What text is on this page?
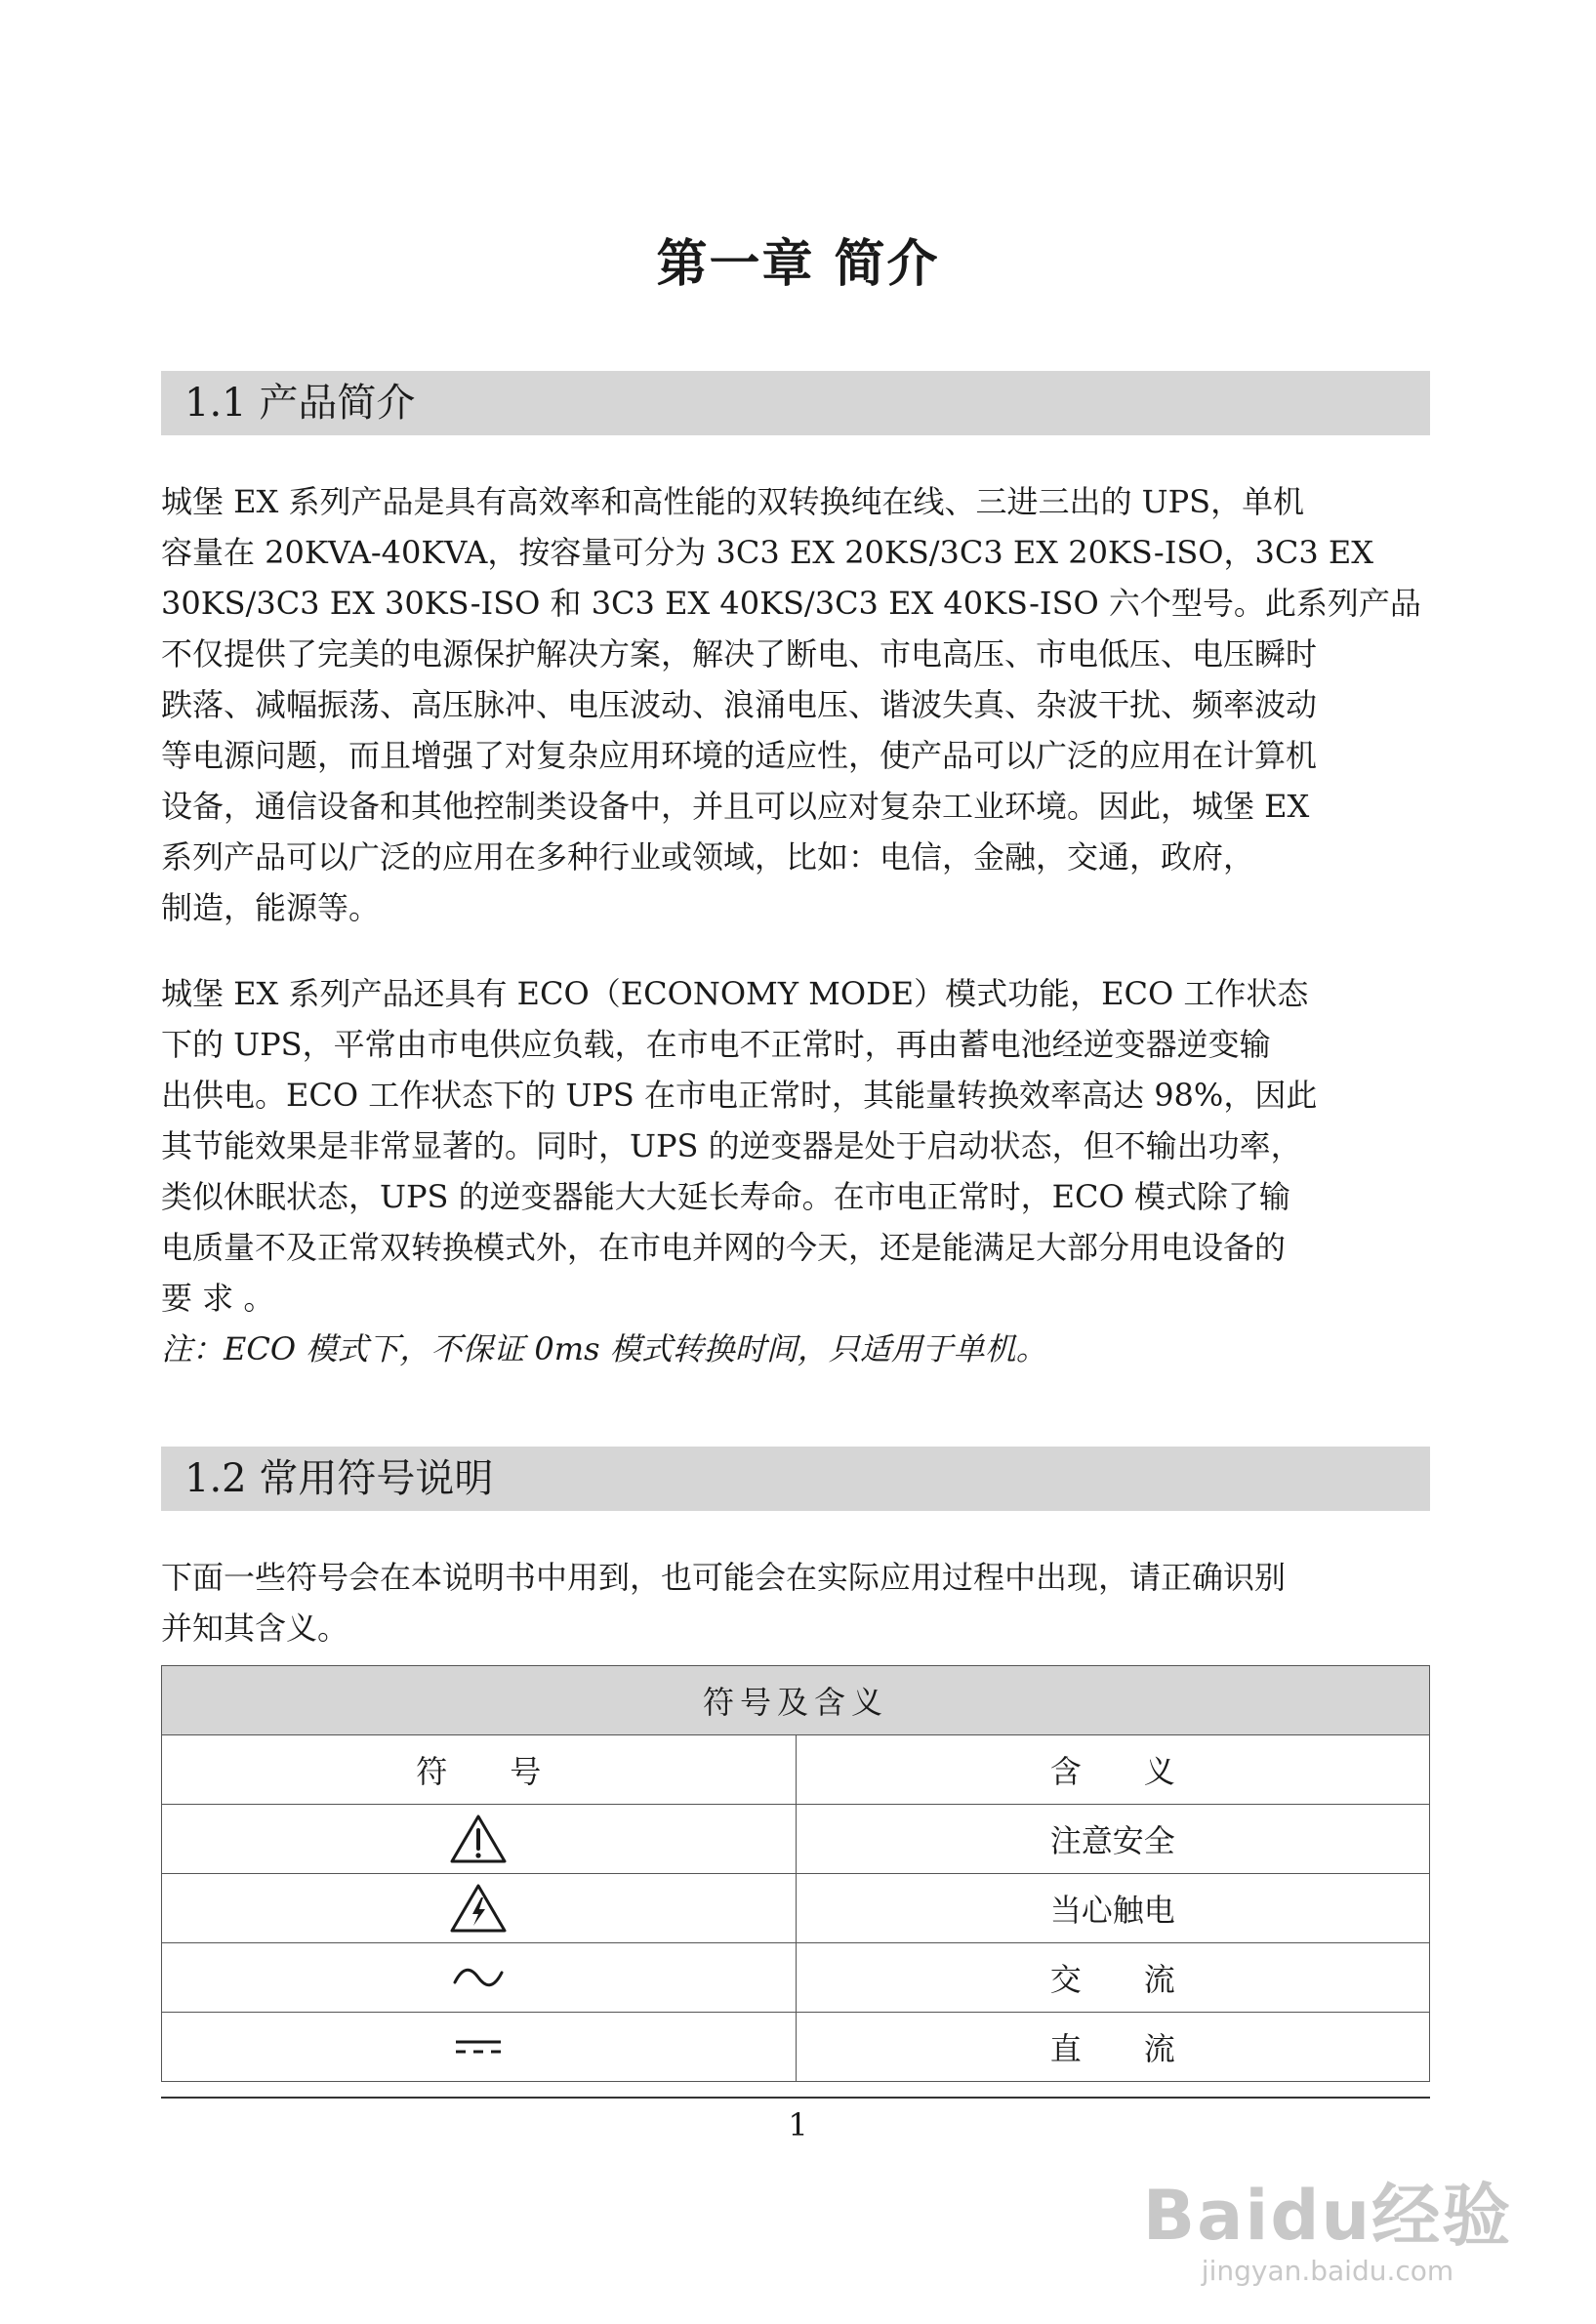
第一章 简介
1.1 产品简介
城堡 EX 系列产品是具有高效率和高性能的双转换纯在线、三进三出的 UPS，单机
容量在 20KVA-40KVA，按容量可分为 3C3 EX 20KS/3C3 EX 20KS-ISO，3C3 EX
30KS/3C3 EX 30KS-ISO 和 3C3 EX 40KS/3C3 EX 40KS-ISO 六个型号。此系列产品
不仅提供了完美的电源保护解决方案，解决了断电、市电高压、市电低压、电压瞬时
跌落、减幅振荡、高压脉冲、电压波动、浪涌电压、谐波失真、杂波干扰、频率波动
等电源问题，而且增强了对复杂应用环境的适应性，使产品可以广泛的应用在计算机
设备，通信设备和其他控制类设备中，并且可以应对复杂工业环境。因此，城堡 EX
系列产品可以广泛的应用在多种行业或领域，比如：电信，金融，交通，政府，
制造，能源等。
城堡 EX 系列产品还具有 ECO（ECONOMY MODE）模式功能，ECO 工作状态
下的 UPS，平常由市电供应负载，在市电不正常时，再由蓄电池经逆变器逆变输
出供电。ECO 工作状态下的 UPS 在市电正常时，其能量转换效率高达 98%，因此
其节能效果是非常显著的。同时，UPS 的逆变器是处于启动状态，但不输出功率，
类似休眠状态，UPS 的逆变器能大大延长寿命。在市电正常时，ECO 模式除了输
电质量不及正常双转换模式外，在市电并网的今天，还是能满足大部分用电设备的
要 求 。
注：ECO 模式下，不保证 0ms 模式转换时间，只适用于单机。
1.2 常用符号说明
下面一些符号会在本说明书中用到，也可能会在实际应用过程中出现，请正确识别
并知其含义。
符号及含义	
符　　号	含　　义

	注意安全

	当心触电

	交　　流

	直　　流
1
Baidu经验
jingyan.baidu.com
